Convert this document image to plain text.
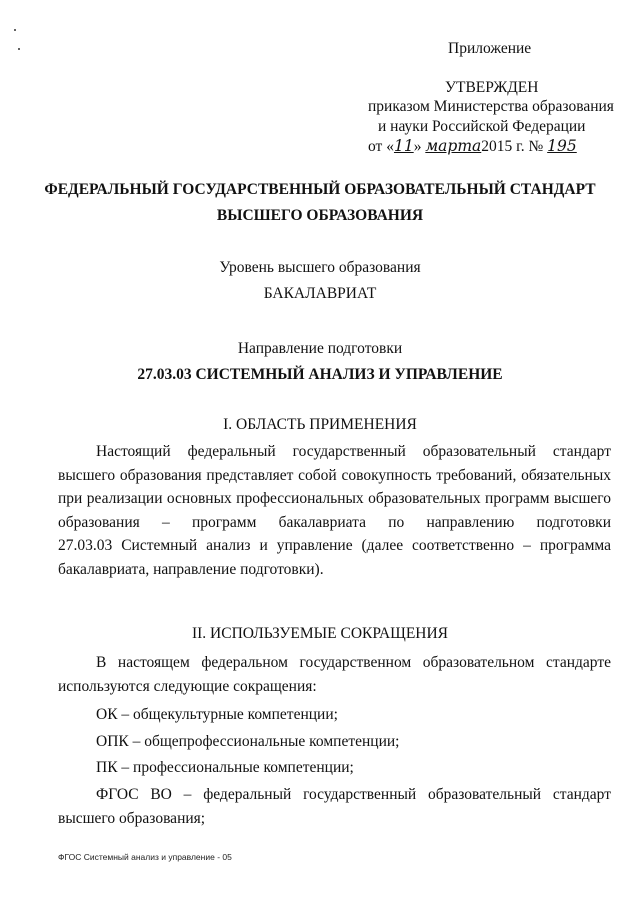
Приложение
УТВЕРЖДЕН
приказом Министерства образования
и науки Российской Федерации
от «11» марта2015 г. № 195
ФЕДЕРАЛЬНЫЙ ГОСУДАРСТВЕННЫЙ ОБРАЗОВАТЕЛЬНЫЙ СТАНДАРТ
ВЫСШЕГО ОБРАЗОВАНИЯ
Уровень высшего образования
БАКАЛАВРИАТ
Направление подготовки
27.03.03 СИСТЕМНЫЙ АНАЛИЗ И УПРАВЛЕНИЕ
I. ОБЛАСТЬ ПРИМЕНЕНИЯ
Настоящий федеральный государственный образовательный стандарт
высшего образования представляет собой совокупность требований, обязательных
при реализации основных профессиональных образовательных программ высшего
образования – программ бакалавриата по направлению подготовки
27.03.03 Системный анализ и управление (далее соответственно – программа
бакалавриата, направление подготовки).
II. ИСПОЛЬЗУЕМЫЕ СОКРАЩЕНИЯ
В настоящем федеральном государственном образовательном стандарте
используются следующие сокращения:
ОК – общекультурные компетенции;
ОПК – общепрофессиональные компетенции;
ПК – профессиональные компетенции;
ФГОС ВО – федеральный государственный образовательный стандарт
высшего образования;
ФГОС Системный анализ и управление - 05
